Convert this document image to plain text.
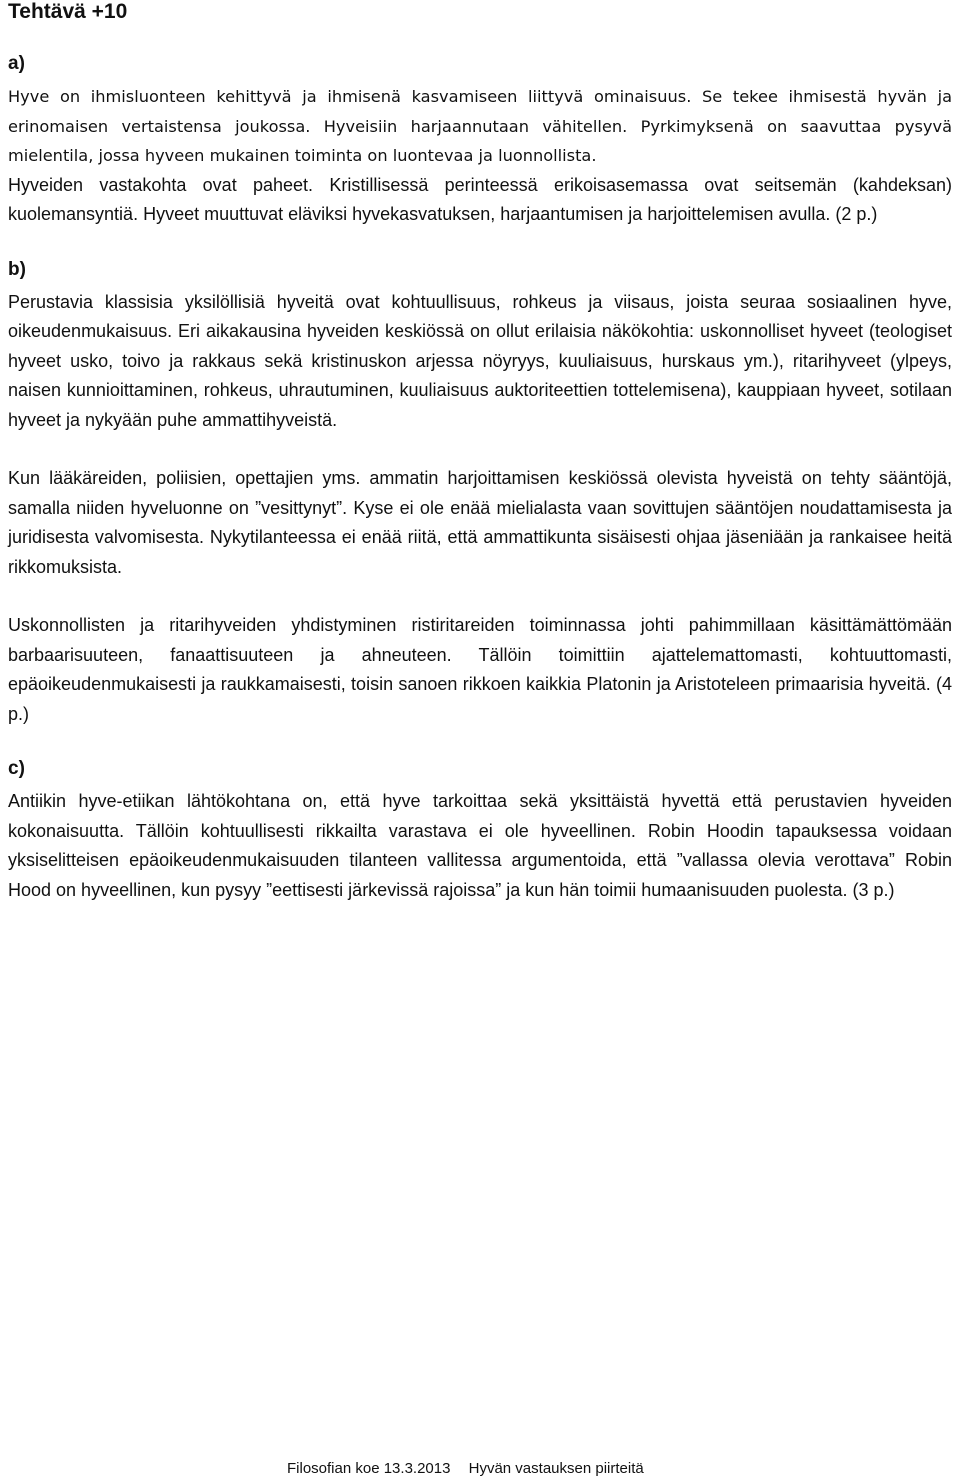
Tehtävä +10
a)

Hyve on ihmisluonteen kehittyvä ja ihmisenä kasvamiseen liittyvä ominaisuus. Se tekee ihmisestä hyvän ja erinomaisen vertaistensa joukossa. Hyveisiin harjaannutaan vähitellen. Pyrkimyksenä on saavuttaa pysyvä mielentila, jossa hyveen mukainen toiminta on luontevaa ja luonnollista.

Hyveiden vastakohta ovat paheet. Kristillisessä perinteessä erikoisasemassa ovat seitsemän (kahdeksan) kuolemansyntiä. Hyveet muuttuvat eläviksi hyvekasvatuksen, harjaantumisen ja harjoittelemisen avulla. (2 p.)

b)

Perustavia klassisia yksilöllisiä hyveitä ovat kohtuullisuus, rohkeus ja viisaus, joista seuraa sosiaalinen hyve, oikeudenmukaisuus. Eri aikakausina hyveiden keskiössä on ollut erilaisia näkökohtia: uskonnolliset hyveet (teologiset hyveet usko, toivo ja rakkaus sekä kristinuskon arjessa nöyryys, kuuliaisuus, hurskaus ym.), ritarihyveet (ylpeys, naisen kunnioittaminen, rohkeus, uhrautuminen, kuuliaisuus auktoriteettien tottelemisena), kauppiaan hyveet, sotilaan hyveet ja nykyään puhe ammattihyveistä.

Kun lääkäreiden, poliisien, opettajien yms. ammatin harjoittamisen keskiössä olevista hyveistä on tehty sääntöjä, samalla niiden hyveluonne on ”vesittynyt”. Kyse ei ole enää mielialasta vaan sovittujen sääntöjen noudattamisesta ja juridisesta valvomisesta. Nykytilanteessa ei enää riitä, että ammattikunta sisäisesti ohjaa jäseniään ja rankaisee heitä rikkomuksista.

Uskonnollisten ja ritarihyveiden yhdistyminen ristiritareiden toiminnassa johti pahimmillaan käsittämättömään barbaarisuuteen, fanaattisuuteen ja ahneuteen. Tällöin toimittiin ajattelemattomasti, kohtuuttomasti, epäoikeudenmukaisesti ja raukkamaisesti, toisin sanoen rikkoen kaikkia Platonin ja Aristoteleen primaarisia hyveitä. (4 p.)

c)

Antiikin hyve-etiikan lähtökohtana on, että hyve tarkoittaa sekä yksittäistä hyvettä että perustavien hyveiden kokonaisuutta. Tällöin kohtuullisesti rikkailta varastava ei ole hyveellinen. Robin Hoodin tapauksessa voidaan yksiselitteisen epäoikeudenmukaisuuden tilanteen vallitessa argumentoida, että ”vallassa olevia verottava” Robin Hood on hyveellinen, kun pysyy ”eettisesti järkevissä rajoissa” ja kun hän toimii humaanisuuden puolesta. (3 p.)

Filosofian koe 13.3.2013 Hyvän vastauksen piirteitä
